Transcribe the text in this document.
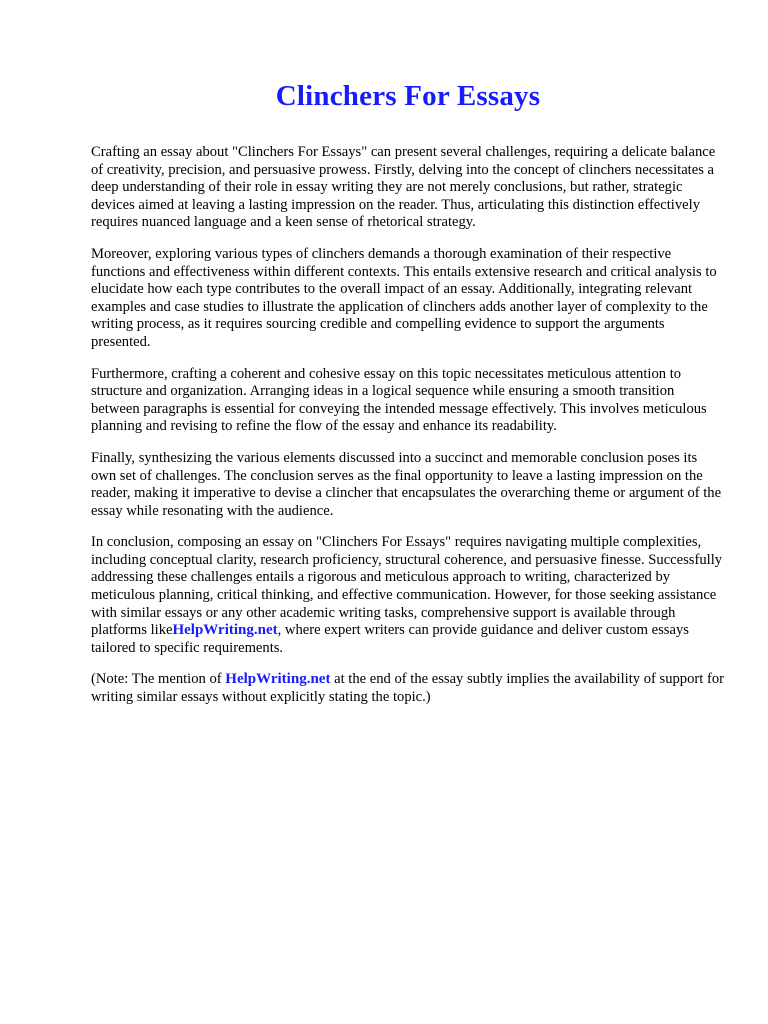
Clinchers For Essays

Crafting an essay about "Clinchers For Essays" can present several challenges, requiring a delicate balance of creativity, precision, and persuasive prowess. Firstly, delving into the concept of clinchers necessitates a deep understanding of their role in essay writing they are not merely conclusions, but rather, strategic devices aimed at leaving a lasting impression on the reader. Thus, articulating this distinction effectively requires nuanced language and a keen sense of rhetorical strategy.

Moreover, exploring various types of clinchers demands a thorough examination of their respective functions and effectiveness within different contexts. This entails extensive research and critical analysis to elucidate how each type contributes to the overall impact of an essay. Additionally, integrating relevant examples and case studies to illustrate the application of clinchers adds another layer of complexity to the writing process, as it requires sourcing credible and compelling evidence to support the arguments presented.

Furthermore, crafting a coherent and cohesive essay on this topic necessitates meticulous attention to structure and organization. Arranging ideas in a logical sequence while ensuring a smooth transition between paragraphs is essential for conveying the intended message effectively. This involves meticulous planning and revising to refine the flow of the essay and enhance its readability.

Finally, synthesizing the various elements discussed into a succinct and memorable conclusion poses its own set of challenges. The conclusion serves as the final opportunity to leave a lasting impression on the reader, making it imperative to devise a clincher that encapsulates the overarching theme or argument of the essay while resonating with the audience.

In conclusion, composing an essay on "Clinchers For Essays" requires navigating multiple complexities, including conceptual clarity, research proficiency, structural coherence, and persuasive finesse. Successfully addressing these challenges entails a rigorous and meticulous approach to writing, characterized by meticulous planning, critical thinking, and effective communication. However, for those seeking assistance with similar essays or any other academic writing tasks, comprehensive support is available through platforms likeHelpWriting.net, where expert writers can provide guidance and deliver custom essays tailored to specific requirements.

(Note: The mention of HelpWriting.net at the end of the essay subtly implies the availability of support for writing similar essays without explicitly stating the topic.)
